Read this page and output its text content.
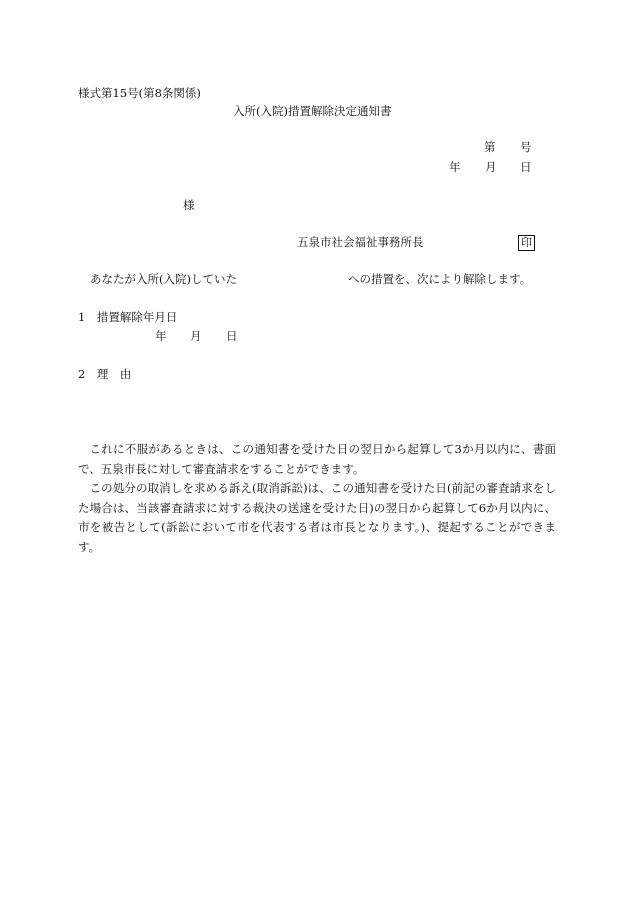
様式第15号(第8条関係)
入所(入院)措置解除決定通知書
第 号
年 月 日
様
五泉市社会福祉事務所長	印
あなたが入所(入院)していた	への措置を、次により解除します。
1　措置解除年月日
年 月 日
2　理　由
これに不服があるときは、この通知書を受けた日の翌日から起算して3か月以内に、書面で、五泉市長に対して審査請求をすることができます。
この処分の取消しを求める訴え(取消訴訟)は、この通知書を受けた日(前記の審査請求をした場合は、当該審査請求に対する裁決の送達を受けた日)の翌日から起算して6か月以内に、市を被告として(訴訟において市を代表する者は市長となります。)、提起することができます。
